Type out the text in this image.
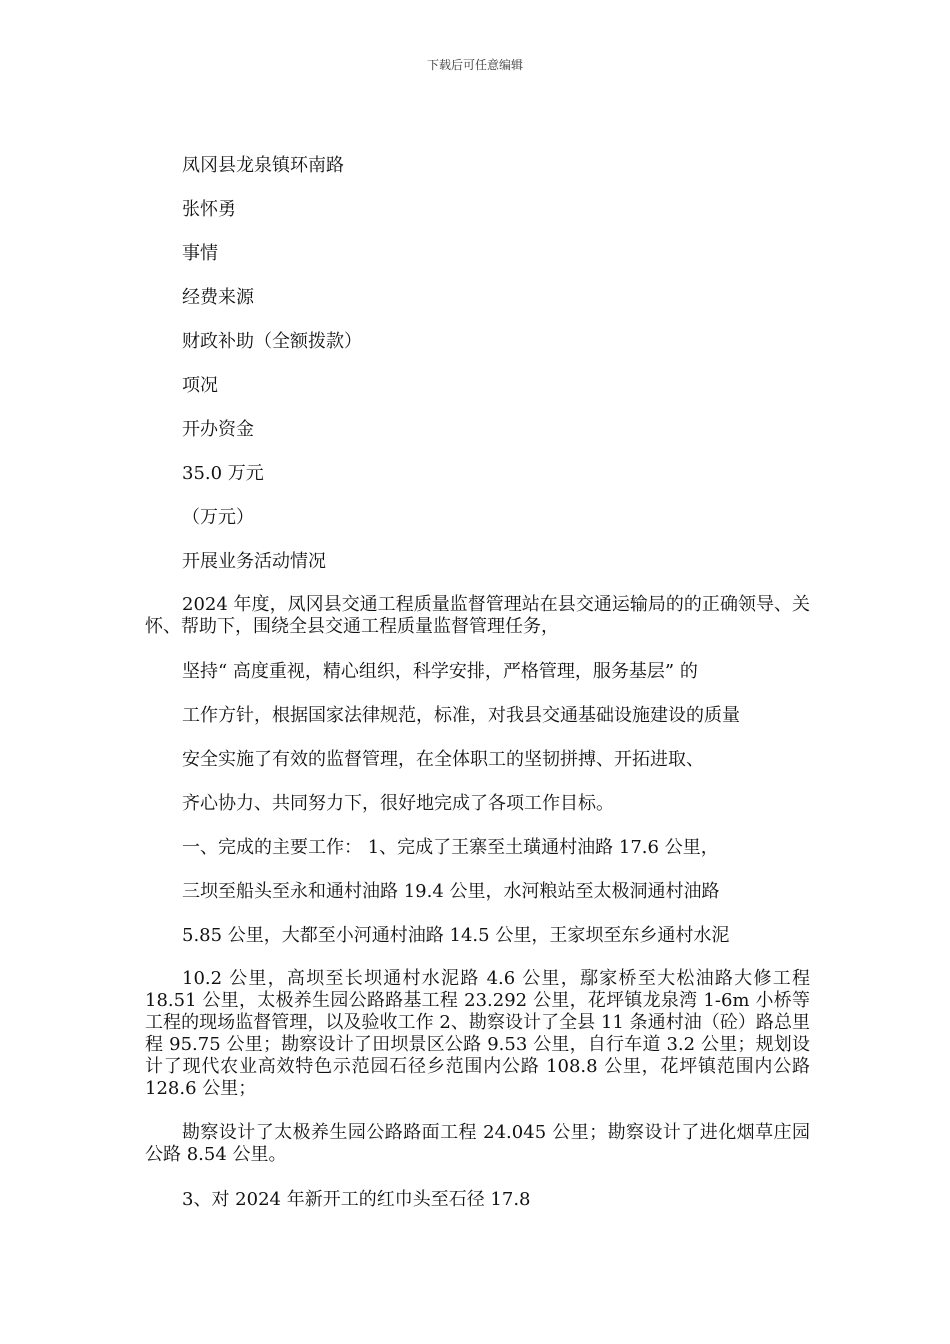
下载后可任意编辑
凤冈县龙泉镇环南路
张怀勇
事情
经费来源
财政补助（全额拨款）
项况
开办资金
35.0 万元
（万元）
开展业务活动情况

2024 年度，凤冈县交通工程质量监督管理站在县交通运输局的的正确领导、关怀、帮助下，围绕全县交通工程质量监督管理任务，

坚持“ 高度重视，精心组织，科学安排，严格管理，服务基层” 的
工作方针，根据国家法律规范，标准，对我县交通基础设施建设的质量
安全实施了有效的监督管理，在全体职工的坚韧拼搏、开拓进取、
齐心协力、共同努力下，很好地完成了各项工作目标。
一、完成的主要工作： 1、完成了王寨至土璜通村油路 17.6 公里，
三坝至船头至永和通村油路 19.4 公里，水河粮站至太极洞通村油路
5.85 公里，大都至小河通村油路 14.5 公里，王家坝至东乡通村水泥

10.2 公里，高坝至长坝通村水泥路 4.6 公里，鄢家桥至大松油路大修工程 18.51 公里，太极养生园公路路基工程 23.292 公里，花坪镇龙泉湾 1-6m 小桥等工程的现场监督管理，以及验收工作 2、勘察设计了全县 11 条通村油（砼）路总里程 95.75 公里；勘察设计了田坝景区公路 9.53 公里，自行车道 3.2 公里；规划设计了现代农业高效特色示范园石径乡范围内公路 108.8 公里，花坪镇范围内公路 128.6 公里；

勘察设计了太极养生园公路路面工程 24.045 公里；勘察设计了进化烟草庄园公路 8.54 公里。

3、对 2024 年新开工的红巾头至石径 17.8
